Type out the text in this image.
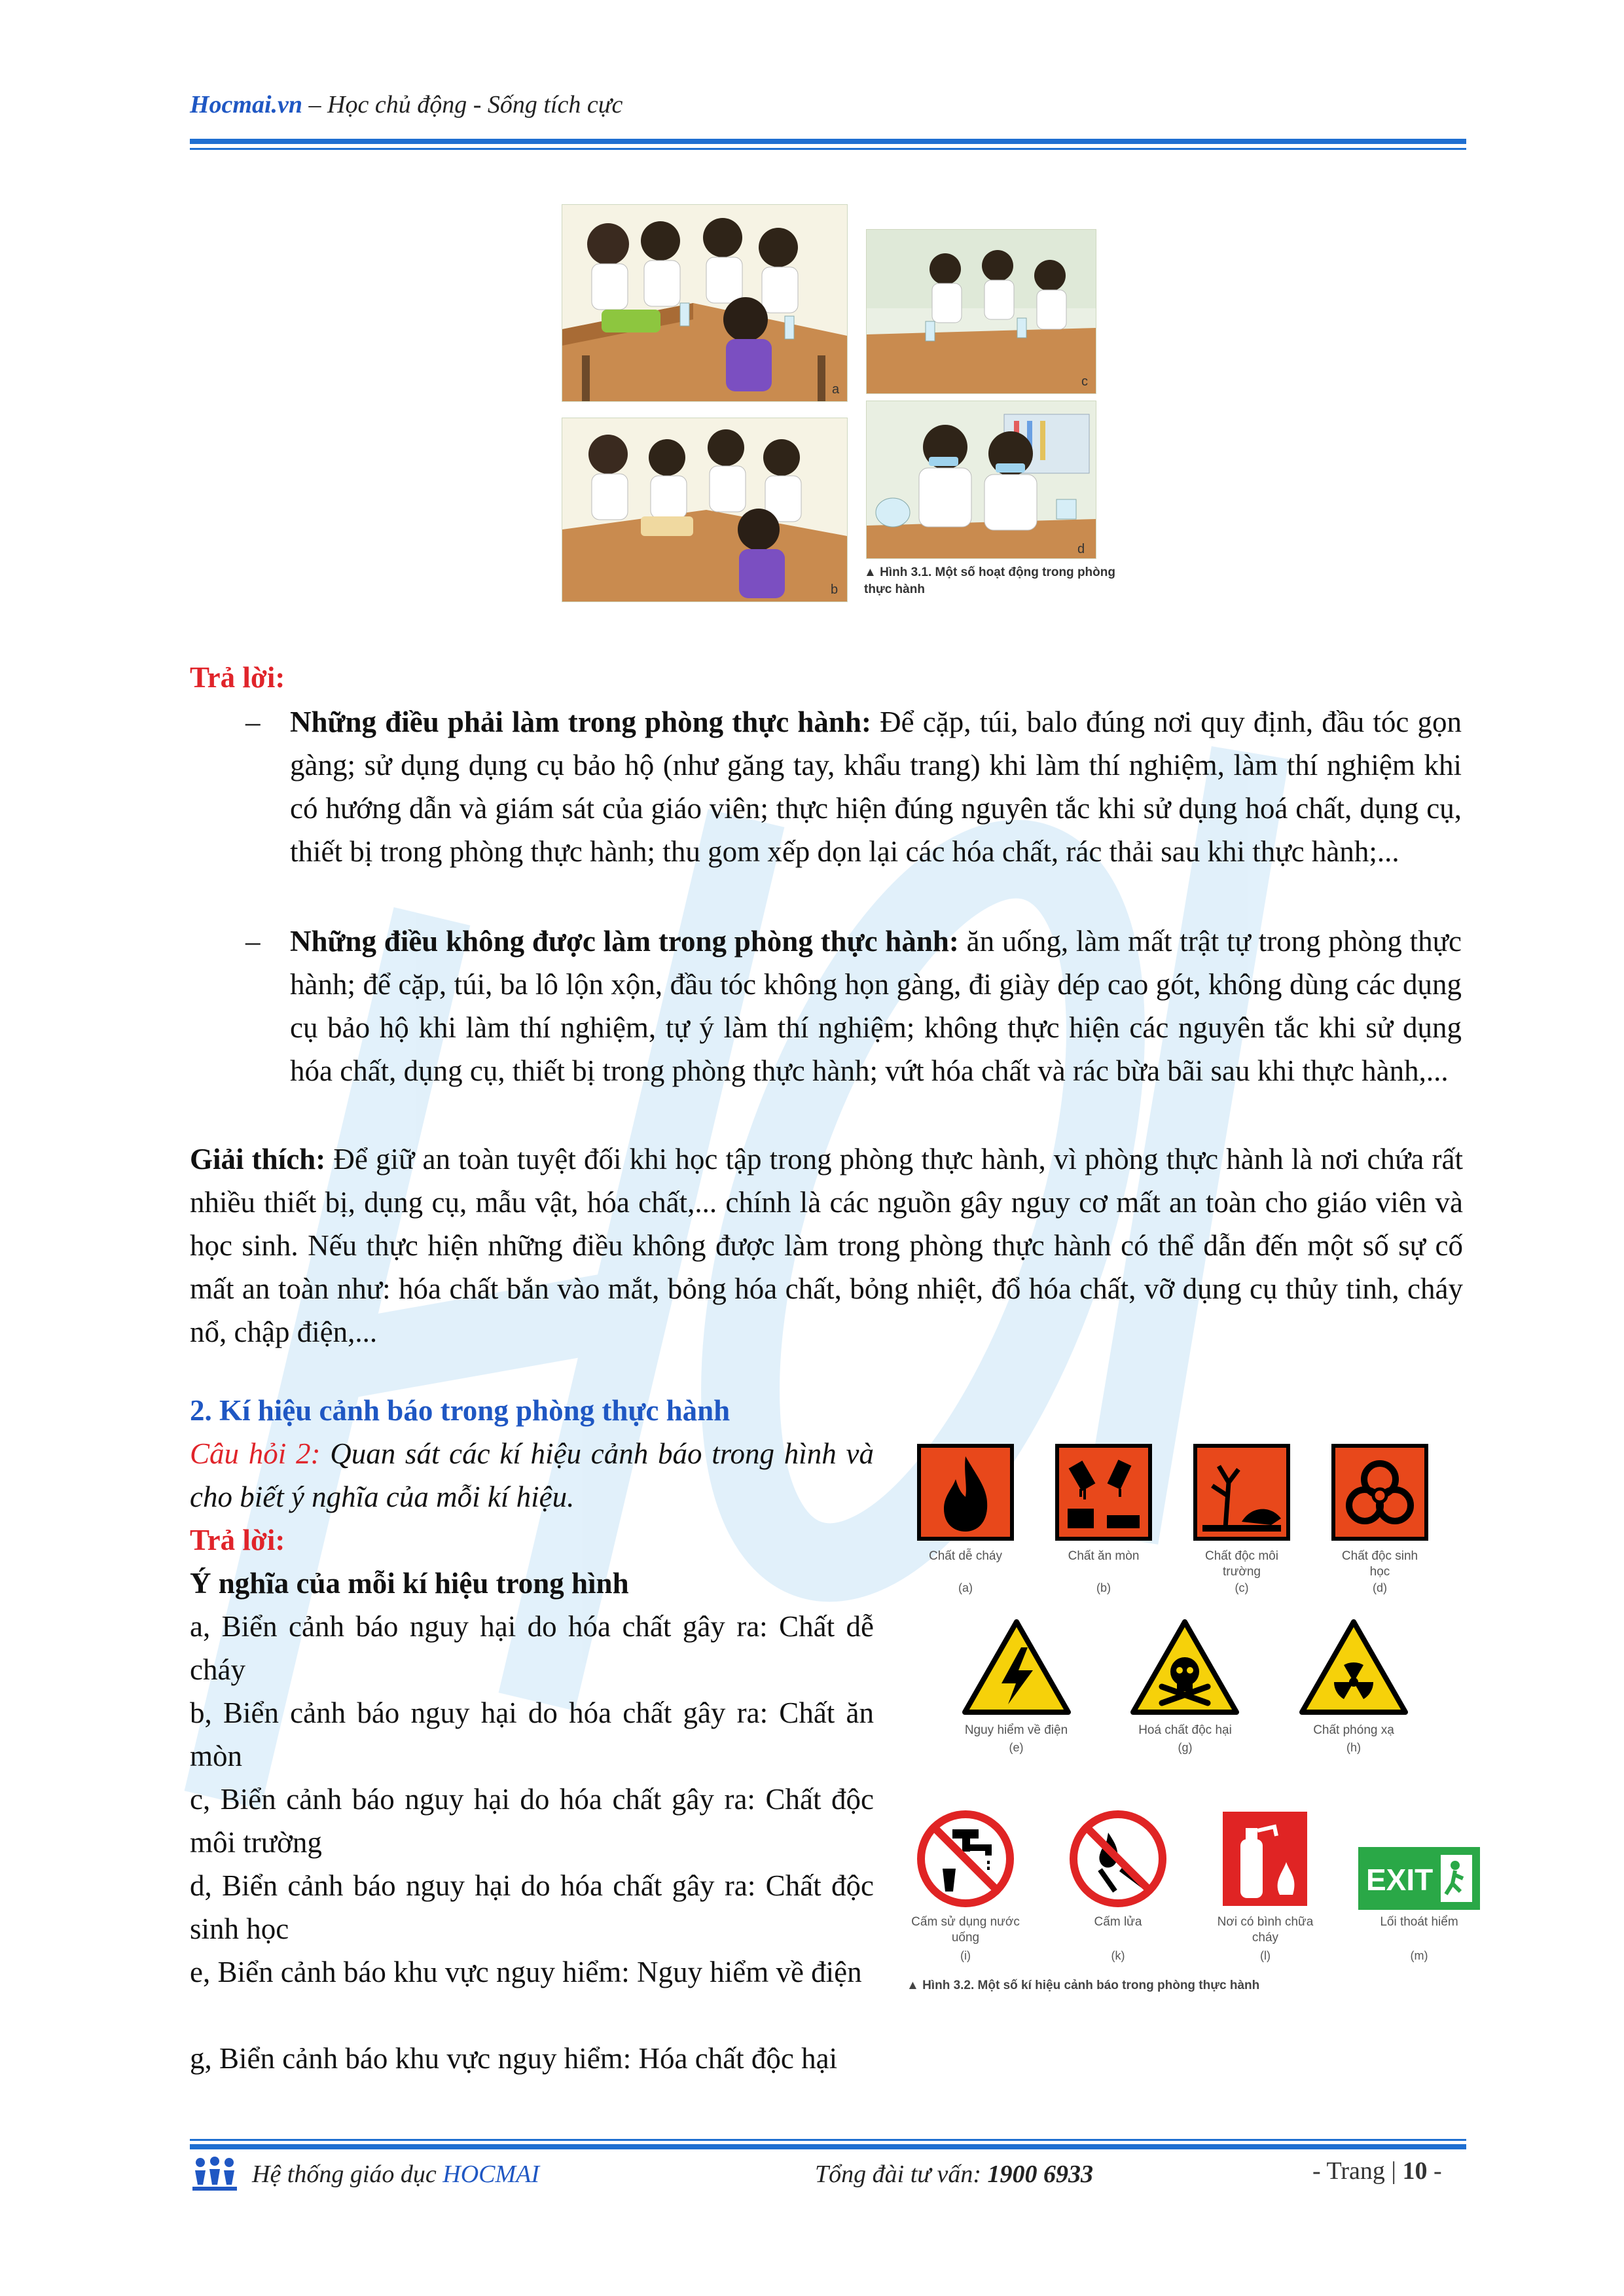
Hocmai.vn – Học chủ động - Sống tích cực
a
c
b
d
▲ Hình 3.1. Một số hoạt động trong phòng thực hành
Trả lời:
– Những điều phải làm trong phòng thực hành: Để cặp, túi, balo đúng nơi quy định, đầu tóc gọn gàng; sử dụng dụng cụ bảo hộ (như găng tay, khẩu trang) khi làm thí nghiệm, làm thí nghiệm khi có hướng dẫn và giám sát của giáo viên; thực hiện đúng nguyên tắc khi sử dụng hoá chất, dụng cụ, thiết bị trong phòng thực hành; thu gom xếp dọn lại các hóa chất, rác thải sau khi thực hành;...
– Những điều không được làm trong phòng thực hành: ăn uống, làm mất trật tự trong phòng thực hành; để cặp, túi, ba lô lộn xộn, đầu tóc không họn gàng, đi giày dép cao gót, không dùng các dụng cụ bảo hộ khi làm thí nghiệm, tự ý làm thí nghiệm; không thực hiện các nguyên tắc khi sử dụng hóa chất, dụng cụ, thiết bị trong phòng thực hành; vứt hóa chất và rác bừa bãi sau khi thực hành,...
Giải thích: Để giữ an toàn tuyệt đối khi học tập trong phòng thực hành, vì phòng thực hành là nơi chứa rất nhiều thiết bị, dụng cụ, mẫu vật, hóa chất,... chính là các nguồn gây nguy cơ mất an toàn cho giáo viên và học sinh. Nếu thực hiện những điều không được làm trong phòng thực hành có thể dẫn đến một số sự cố mất an toàn như: hóa chất bắn vào mắt, bỏng hóa chất, bỏng nhiệt, đổ hóa chất, vỡ dụng cụ thủy tinh, cháy nổ, chập điện,...
2. Kí hiệu cảnh báo trong phòng thực hành
Câu hỏi 2: Quan sát các kí hiệu cảnh báo trong hình và cho biết ý nghĩa của mỗi kí hiệu.
Trả lời:
Ý nghĩa của mỗi kí hiệu trong hình
a, Biển cảnh báo nguy hại do hóa chất gây ra: Chất dễ cháy
b, Biển cảnh báo nguy hại do hóa chất gây ra: Chất ăn mòn
c, Biển cảnh báo nguy hại do hóa chất gây ra: Chất độc môi trường
d, Biển cảnh báo nguy hại do hóa chất gây ra: Chất độc sinh học
e, Biển cảnh báo khu vực nguy hiểm: Nguy hiểm về điện
g, Biển cảnh báo khu vực nguy hiểm: Hóa chất độc hại
Chất dễ cháy
(a)
Chất ăn mòn
(b)
Chất độc môi trường
(c)
Chất độc sinh học
(d)
Nguy hiểm về điện
(e)
Hoá chất độc hại
(g)
Chất phóng xạ
(h)
EXIT
Cấm sử dụng nước uống
(i)
Cấm lửa
(k)
Nơi có bình chữa cháy
(l)
Lối thoát hiểm
(m)
▲ Hình 3.2. Một số kí hiệu cảnh báo trong phòng thực hành
Hệ thống giáo dục HOCMAI	Tổng đài tư vấn: 1900 6933	- Trang | 10 -
